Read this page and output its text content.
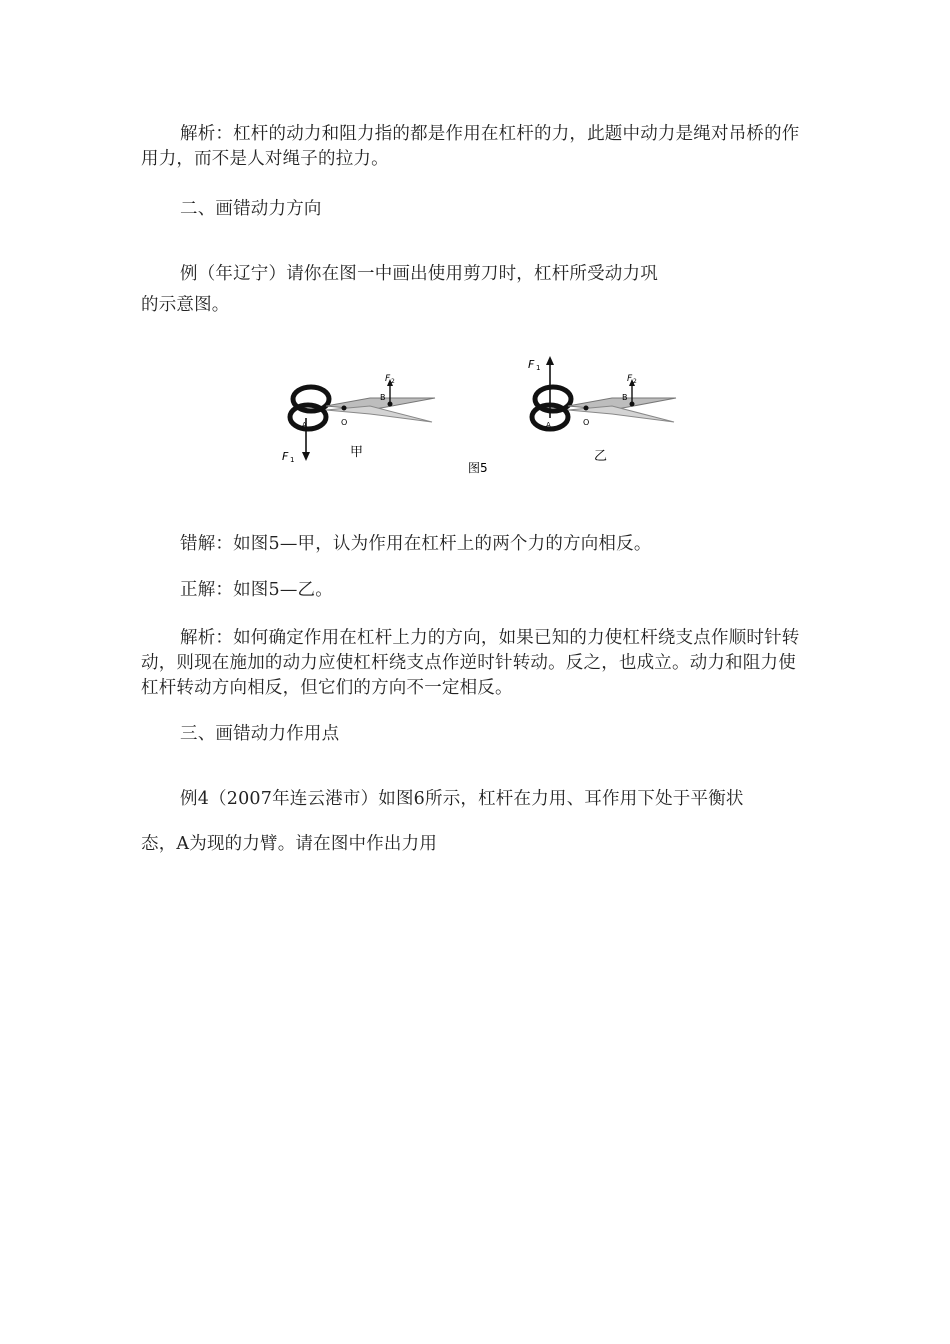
解析：杠杆的动力和阻力指的都是作用在杠杆的力，此题中动力是绳对吊桥的作用力，而不是人对绳子的拉力。

二、画错动力方向

例（年辽宁）请你在图一中画出使用剪刀时，杠杆所受动力巩

的示意图。

F 2
B
A	O
F 1	甲
图5
F 1
F 2
B
A	O
乙

错解：如图5—甲，认为作用在杠杆上的两个力的方向相反。

正解：如图5—乙。

解析：如何确定作用在杠杆上力的方向，如果已知的力使杠杆绕支点作顺时针转动，则现在施加的动力应使杠杆绕支点作逆时针转动。反之，也成立。动力和阻力使杠杆转动方向相反，但它们的方向不一定相反。

三、画错动力作用点

例4（2007年连云港市）如图6所示，杠杆在力用、耳作用下处于平衡状

态，A为现的力臂。请在图中作出力用
